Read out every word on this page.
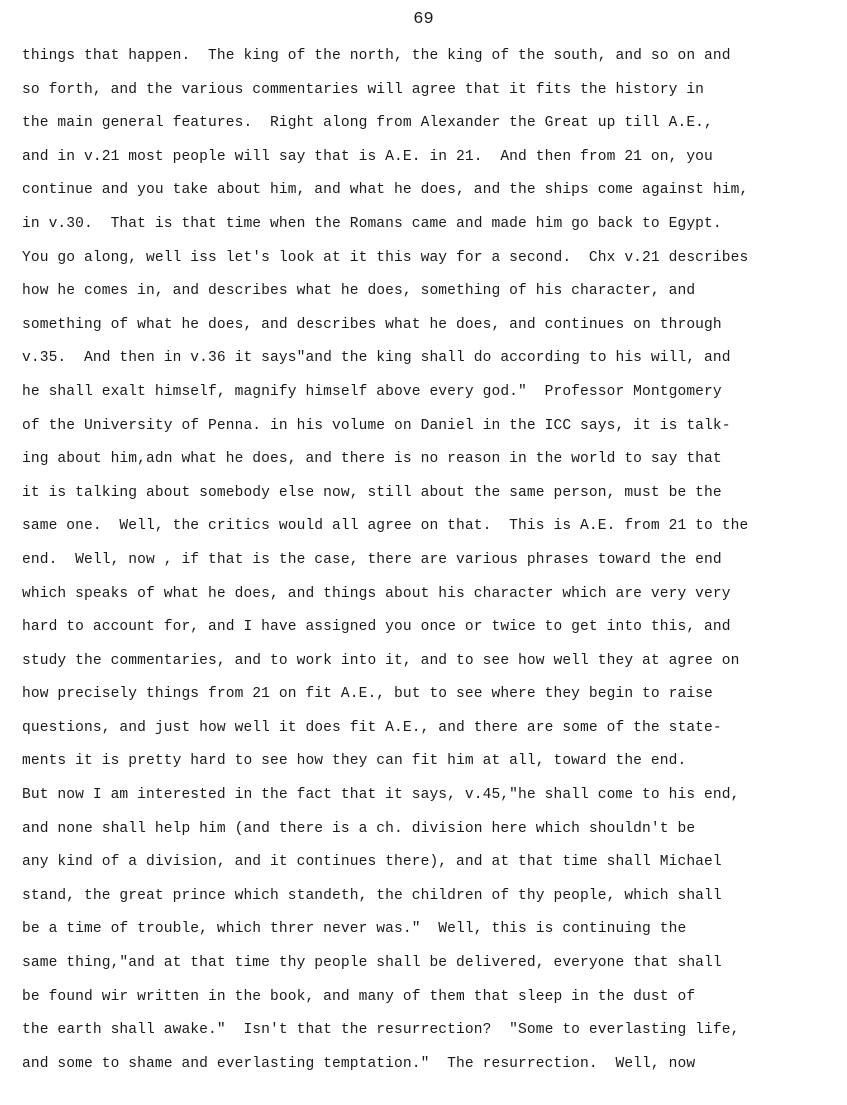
69
things that happen.  The king of the north, the king of the south, and so on and
so forth, and the various commentaries will agree that it fits the history in
the main general features.  Right along from Alexander the Great up till A.E.,
and in v.21 most people will say that is A.E. in 21.  And then from 21 on, you
continue and you take about him, and what he does, and the ships come against him,
in v.30.  That is that time when the Romans came and made him go back to Egypt.
You go along, well iss let's look at it this way for a second.  Chx v.21 describes
how he comes in, and describes what he does, something of his character, and
something of what he does, and describes what he does, and continues on through
v.35.  And then in v.36 it says"and the king shall do according to his will, and
he shall exalt himself, magnify himself above every god."  Professor Montgomery
of the University of Penna. in his volume on Daniel in the ICC says, it is talk-
ing about him,adn what he does, and there is no reason in the world to say that
it is talking about somebody else now, still about the same person, must be the
same one.  Well, the critics would all agree on that.  This is A.E. from 21 to the
end.  Well, now , if that is the case, there are various phrases toward the end
which speaks of what he does, and things about his character which are very very
hard to account for, and I have assigned you once or twice to get into this, and
study the commentaries, and to work into it, and to see how well they at agree on
how precisely things from 21 on fit A.E., but to see where they begin to raise
questions, and just how well it does fit A.E., and there are some of the state-
ments it is pretty hard to see how they can fit him at all, toward the end.
But now I am interested in the fact that it says, v.45,"he shall come to his end,
and none shall help him (and there is a ch. division here which shouldn't be
any kind of a division, and it continues there), and at that time shall Michael
stand, the great prince which standeth, the children of thy people, which shall
be a time of trouble, which threr never was."  Well, this is continuing the
same thing,"and at that time thy people shall be delivered, everyone that shall
be found wir written in the book, and many of them that sleep in the dust of
the earth shall awake."  Isn't that the resurrection?  "Some to everlasting life,
and some to shame and everlasting temptation."  The resurrection.  Well, now
